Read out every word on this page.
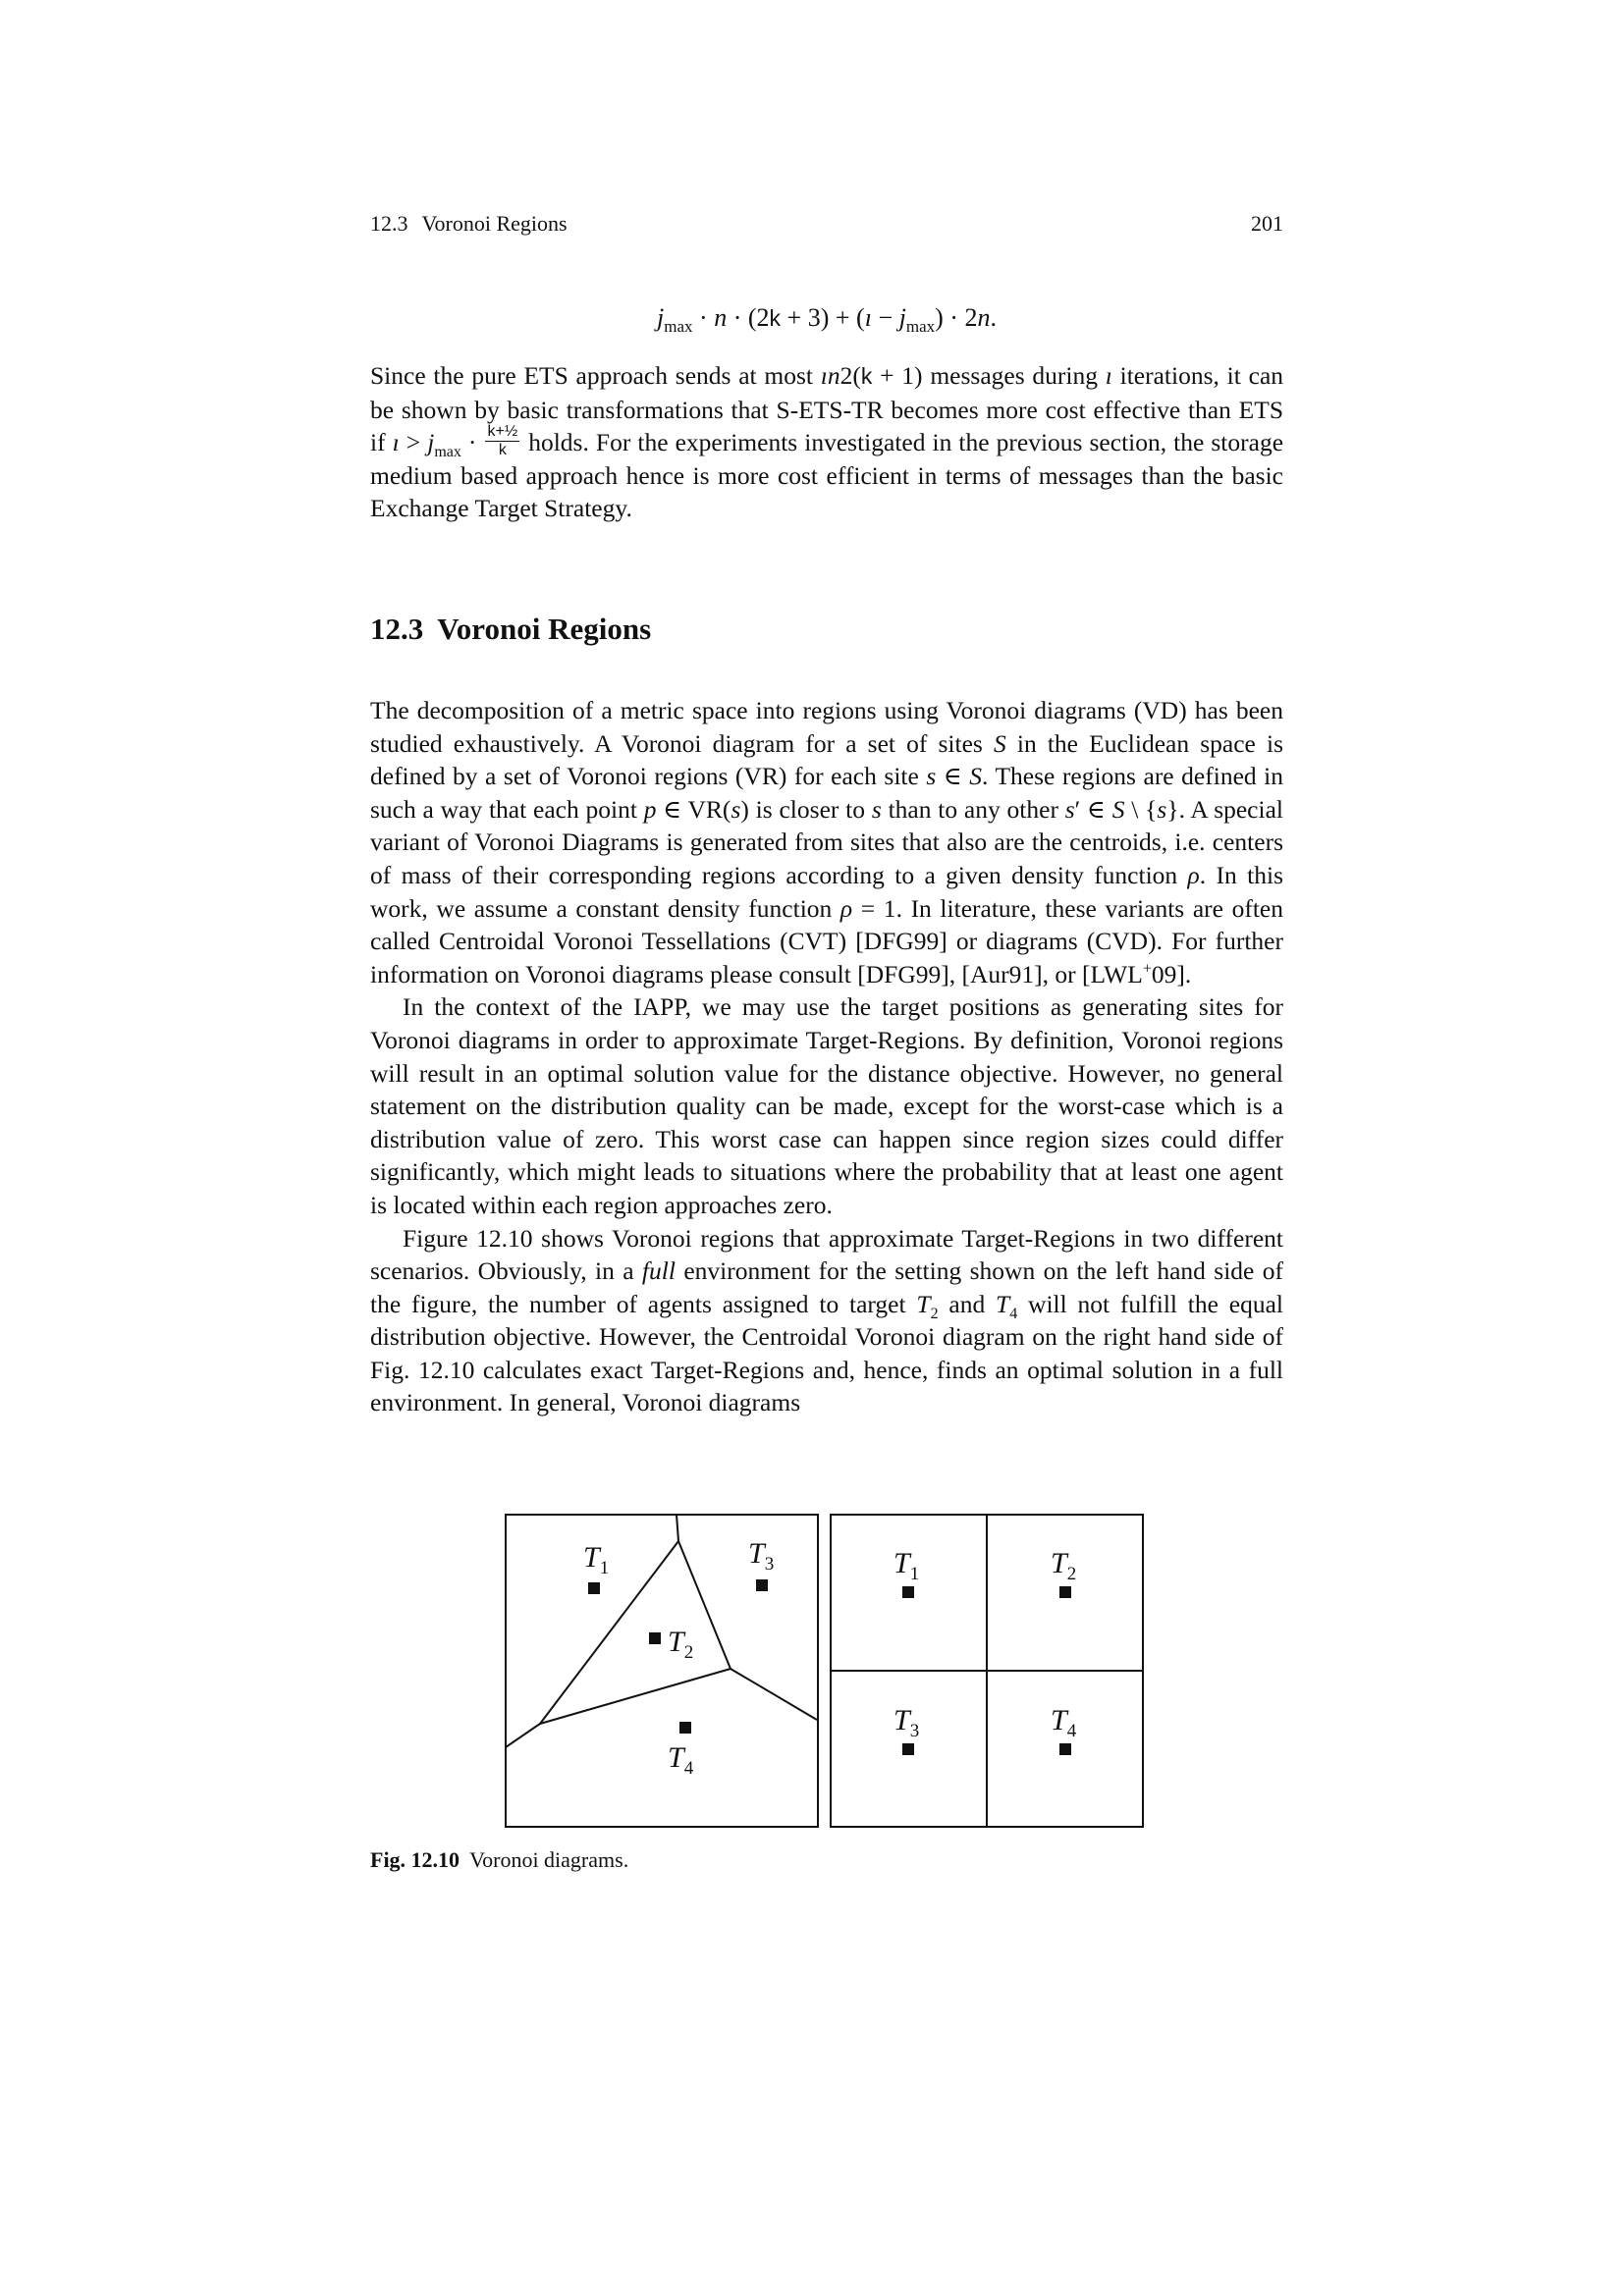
12.3 Voronoi Regions	201
$j_{max} \cdot n \cdot (2k + 3)$ + (ı − $j_{max}) \cdot 2n$.

Since the pure ETS approach sends at most ın2(k + 1) messages during ı iterations, it can be shown by basic transformations that S-ETS-TR becomes more cost effective than ETS if ı > $j_{max} \cdot \frac{\text{k+½}}{k}$ holds. For the experiments investigated in the previous section, the storage medium based approach hence is more cost efficient in terms of messages than the basic Exchange Target Strategy.

12.3 Voronoi Regions

The decomposition of a metric space into regions using Voronoi diagrams (VD) has been studied exhaustively. A Voronoi diagram for a set of sites S in the Euclidean space is defined by a set of Voronoi regions (VR) for each site s ∈ S. These regions are defined in such a way that each point p ∈ VR(s) is closer to s than to any other s′ ∈ S \ {s}. A special variant of Voronoi Diagrams is generated from sites that also are the centroids, i.e. centers of mass of their corresponding regions according to a given density function ρ. In this work, we assume a constant density function ρ = 1. In literature, these variants are often called Centroidal Voronoi Tessellations (CVT) [DFG99] or diagrams (CVD). For further information on Voronoi diagrams please consult [DFG99], [Aur91], or [LWL+09].

In the context of the IAPP, we may use the target positions as generating sites for Voronoi diagrams in order to approximate Target-Regions. By definition, Voronoi regions will result in an optimal solution value for the distance objective. However, no general statement on the distribution quality can be made, except for the worst-case which is a distribution value of zero. This worst case can happen since region sizes could differ significantly, which might leads to situations where the probability that at least one agent is located within each region approaches zero.

Figure 12.10 shows Voronoi regions that approximate Target-Regions in two different scenarios. Obviously, in a full environment for the setting shown on the left hand side of the figure, the number of agents assigned to target $T_2$ and $T_4$ will not fulfill the equal distribution objective. However, the Centroidal Voronoi diagram on the right hand side of Fig. 12.10 calculates exact Target-Regions and, hence, finds an optimal solution in a full environment. In general, Voronoi diagrams

T1
T2
T3
T4
T1	T2
T3	T4
Fig. 12.10 Voronoi diagrams.
